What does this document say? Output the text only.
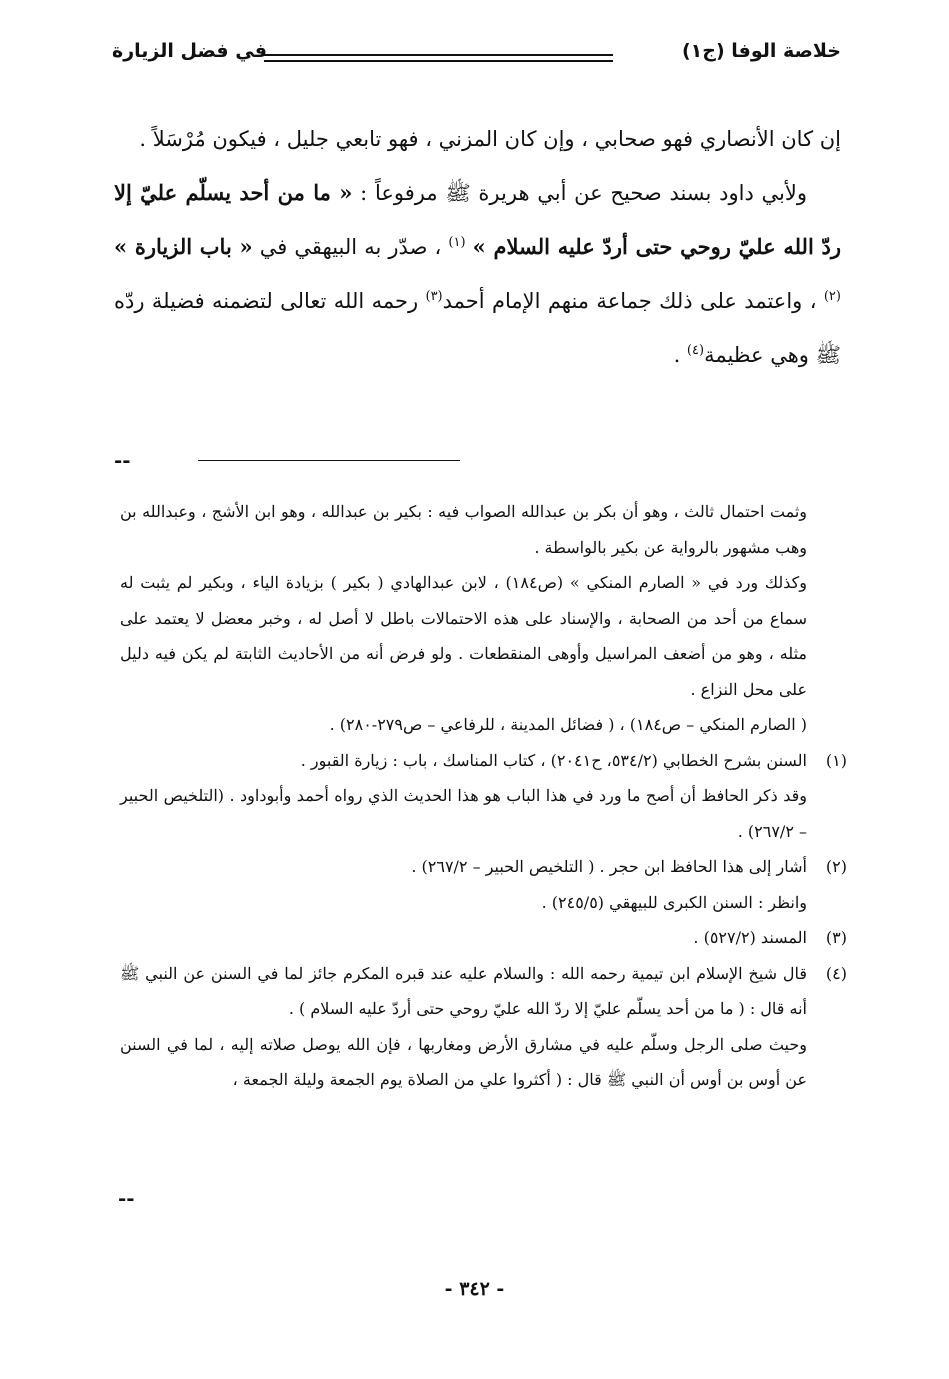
خلاصة الوفا (ج١)
في فضل الزيارة

إن كان الأنصاري فهو صحابي ، وإن كان المزني ، فهو تابعي جليل ، فيكون مُرْسَلاً .

ولأبي داود بسند صحيح عن أبي هريرة ﷺ مرفوعاً : « ما من أحد يسلّم عليّ إلا ردّ الله عليّ روحي حتى أردّ عليه السلام » $^{(١)}$ ، صدّر به البيهقي في « باب الزيارة » $^{(٢)}$ ، واعتمد على ذلك جماعة منهم الإمام أحمد$^{(٣)}$ رحمه الله تعالى لتضمنه فضيلة ردّه ﷺ وهي عظيمة$^{(٤)}$ .

--

وثمت احتمال ثالث ، وهو أن بكر بن عبدالله الصواب فيه : بكير بن عبدالله ، وهو ابن الأشج ، وعبدالله بن وهب مشهور بالرواية عن بكير بالواسطة .

وكذلك ورد في « الصارم المنكي » (ص١٨٤) ، لابن عبدالهادي ( بكير ) بزيادة الياء ، وبكير لم يثبت له سماع من أحد من الصحابة ، والإسناد على هذه الاحتمالات باطل لا أصل له ، وخبر معضل لا يعتمد على مثله ، وهو من أضعف المراسيل وأوهى المنقطعات . ولو فرض أنه من الأحاديث الثابتة لم يكن فيه دليل على محل النزاع .

( الصارم المنكي – ص١٨٤) ، ( فضائل المدينة ، للرفاعي – ص٢٧٩-٢٨٠) .

(١)

السنن بشرح الخطابي (٥٣٤/٢، ح٢٠٤١) ، كتاب المناسك ، باب : زيارة القبور .

وقد ذكر الحافظ أن أصح ما ورد في هذا الباب هو هذا الحديث الذي رواه أحمد وأبوداود . (التلخيص الحبير – ٢٦٧/٢) .

(٢)

أشار إلى هذا الحافظ ابن حجر . ( التلخيص الحبير – ٢٦٧/٢) .

وانظر : السنن الكبرى للبيهقي (٢٤٥/٥) .

(٣)

المسند (٥٢٧/٢) .

(٤)

قال شيخ الإسلام ابن تيمية رحمه الله : والسلام عليه عند قبره المكرم جائز لما في السنن عن النبي ﷺ أنه قال : ( ما من أحد يسلّم عليّ إلا ردّ الله عليّ روحي حتى أردّ عليه السلام ) .

وحيث صلى الرجل وسلّم عليه في مشارق الأرض ومغاربها ، فإن الله يوصل صلاته إليه ، لما في السنن عن أوس بن أوس أن النبي ﷺ قال : ( أكثروا علي من الصلاة يوم الجمعة وليلة الجمعة ،

--
- ٣٤٢ -
